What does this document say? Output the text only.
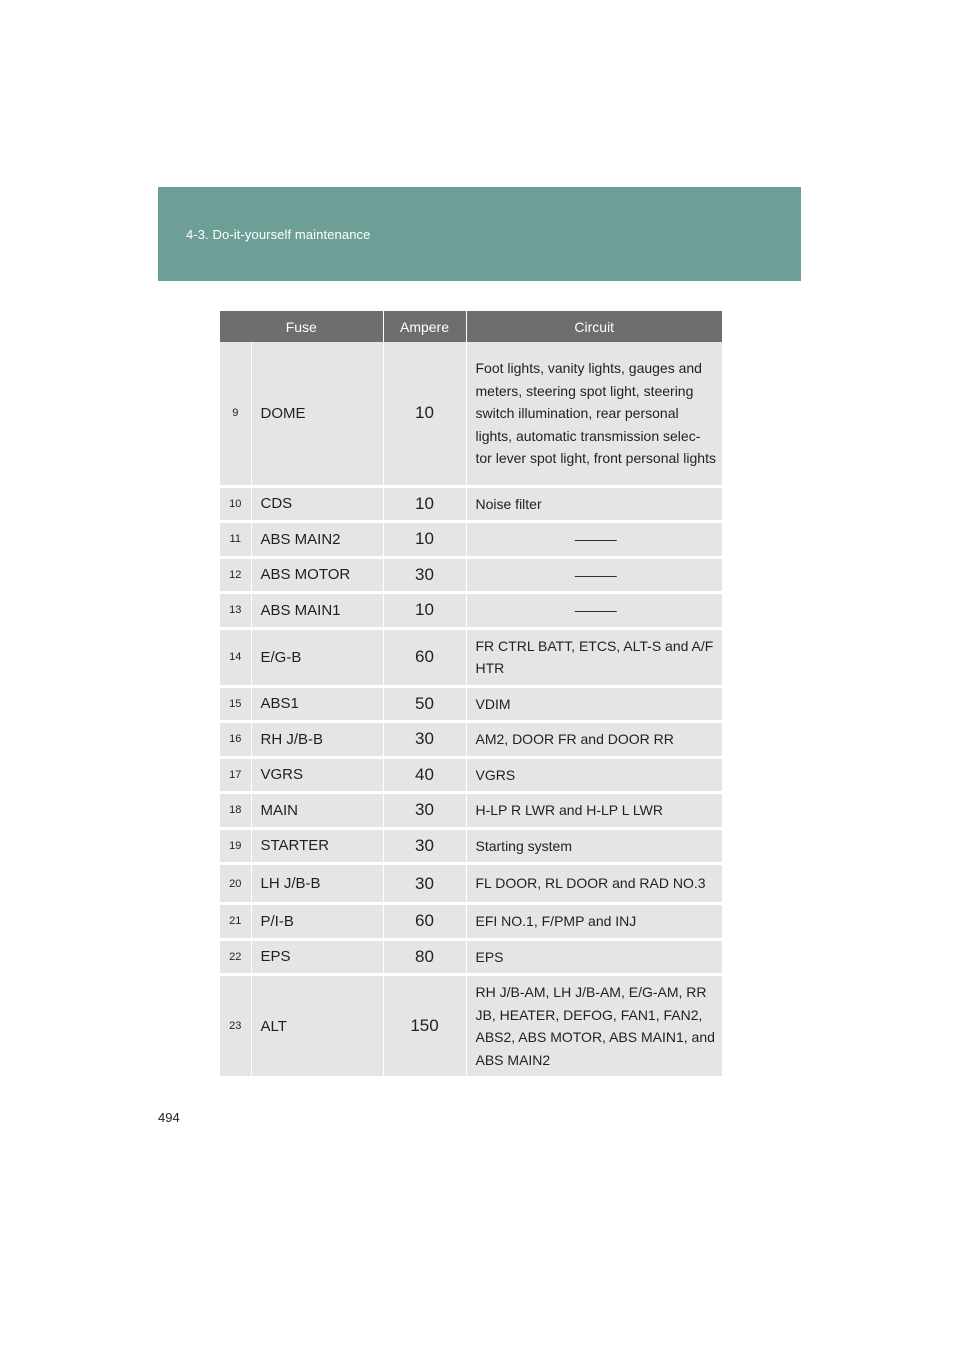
4-3. Do-it-yourself maintenance
Fuse		Ampere	Circuit
9	DOME	10	Foot lights, vanity lights, gauges and meters, steering spot light, steering switch illumination, rear personal lights, automatic transmission selec- tor lever spot light, front personal lights
10	CDS	10	Noise filter
11	ABS MAIN2	10	———
12	ABS MOTOR	30	———
13	ABS MAIN1	10	———
14	E/G-B	60	FR CTRL BATT, ETCS, ALT-S and A/F HTR
15	ABS1	50	VDIM
16	RH J/B-B	30	AM2, DOOR FR and DOOR RR
17	VGRS	40	VGRS
18	MAIN	30	H-LP R LWR and H-LP L LWR
19	STARTER	30	Starting system
20	LH J/B-B	30	FL DOOR, RL DOOR and RAD NO.3
21	P/I-B	60	EFI NO.1, F/PMP and INJ
22	EPS	80	EPS
23	ALT	150	RH J/B-AM, LH J/B-AM, E/G-AM, RR JB, HEATER, DEFOG, FAN1, FAN2, ABS2, ABS MOTOR, ABS MAIN1, and ABS MAIN2
494
